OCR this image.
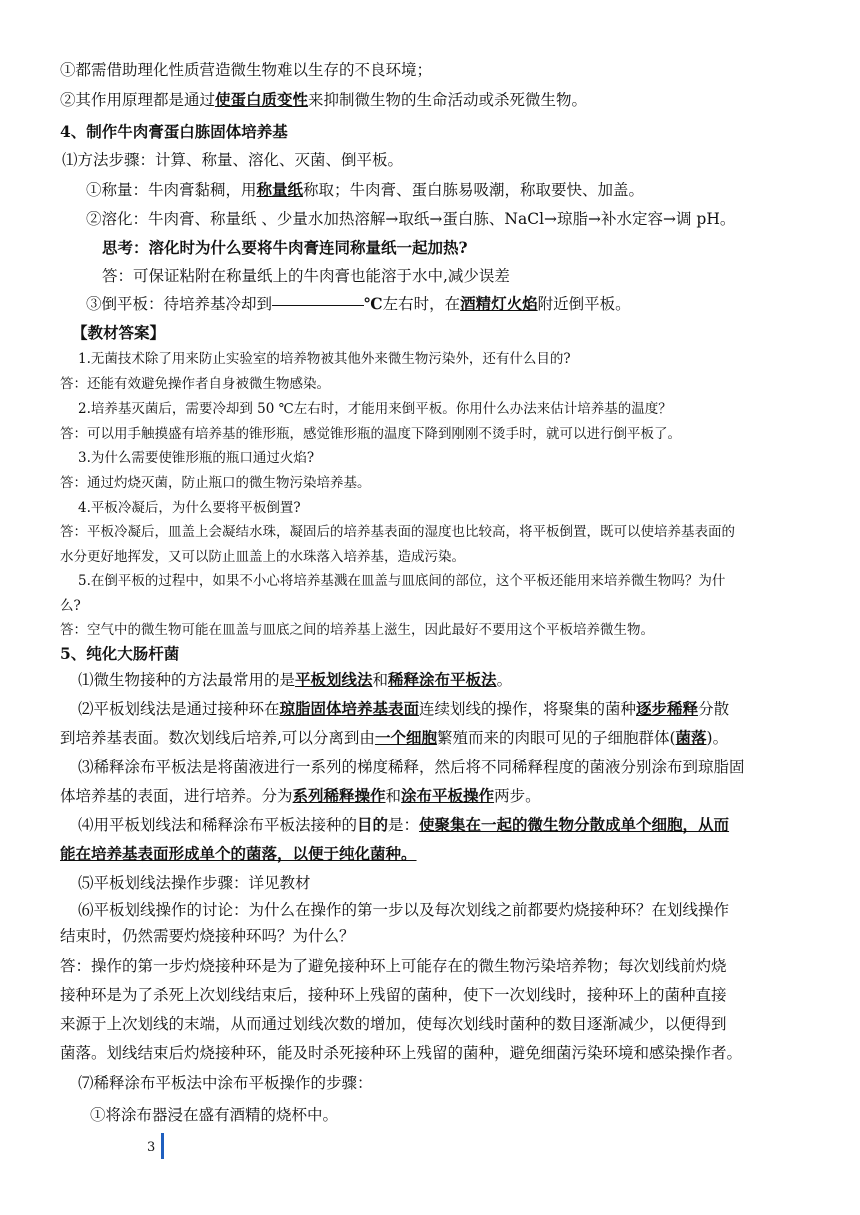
3
①都需借助理化性质营造微生物难以生存的不良环境；
②其作用原理都是通过使蛋白质变性来抑制微生物的生命活动或杀死微生物。
4、制作牛肉膏蛋白胨固体培养基
⑴方法步骤：计算、称量、溶化、灭菌、倒平板。
①称量：牛肉膏黏稠，用称量纸称取；牛肉膏、蛋白胨易吸潮，称取要快、加盖。
②溶化：牛肉膏、称量纸 、少量水加热溶解→取纸→蛋白胨、NaCl→琼脂→补水定容→调 pH。
思考：溶化时为什么要将牛肉膏连同称量纸一起加热?
答：可保证粘附在称量纸上的牛肉膏也能溶于水中,减少误差
③倒平板：待培养基冷却到	℃左右时，在酒精灯火焰附近倒平板。
【教材答案】
1.无菌技术除了用来防止实验室的培养物被其他外来微生物污染外，还有什么目的?
答：还能有效避免操作者自身被微生物感染。
2.培养基灭菌后，需要冷却到 50 ℃左右时，才能用来倒平板。你用什么办法来估计培养基的温度？
答：可以用手触摸盛有培养基的锥形瓶，感觉锥形瓶的温度下降到刚刚不烫手时，就可以进行倒平板了。
3.为什么需要使锥形瓶的瓶口通过火焰?
答：通过灼烧灭菌，防止瓶口的微生物污染培养基。
4.平板冷凝后，为什么要将平板倒置?
答：平板冷凝后，皿盖上会凝结水珠，凝固后的培养基表面的湿度也比较高，将平板倒置，既可以使培养基表面的
水分更好地挥发，又可以防止皿盖上的水珠落入培养基，造成污染。
5.在倒平板的过程中，如果不小心将培养基溅在皿盖与皿底间的部位，这个平板还能用来培养微生物吗？为什
么?
答：空气中的微生物可能在皿盖与皿底之间的培养基上滋生，因此最好不要用这个平板培养微生物。
5、纯化大肠杆菌
⑴微生物接种的方法最常用的是平板划线法和稀释涂布平板法。
⑵平板划线法是通过接种环在琼脂固体培养基表面连续划线的操作，将聚集的菌种逐步稀释分散
到培养基表面。数次划线后培养,可以分离到由一个细胞繁殖而来的肉眼可见的子细胞群体(菌落)。
⑶稀释涂布平板法是将菌液进行一系列的梯度稀释，然后将不同稀释程度的菌液分别涂布到琼脂固
体培养基的表面，进行培养。分为系列稀释操作和涂布平板操作两步。
⑷用平板划线法和稀释涂布平板法接种的目的是：使聚集在一起的微生物分散成单个细胞，从而
能在培养基表面形成单个的菌落，以便于纯化菌种。
⑸平板划线法操作步骤：详见教材
⑹平板划线操作的讨论：为什么在操作的第一步以及每次划线之前都要灼烧接种环？在划线操作
结束时，仍然需要灼烧接种环吗？为什么？
答：操作的第一步灼烧接种环是为了避免接种环上可能存在的微生物污染培养物；每次划线前灼烧
接种环是为了杀死上次划线结束后，接种环上残留的菌种，使下一次划线时，接种环上的菌种直接
来源于上次划线的末端，从而通过划线次数的增加，使每次划线时菌种的数目逐渐减少，以便得到
菌落。划线结束后灼烧接种环，能及时杀死接种环上残留的菌种，避免细菌污染环境和感染操作者。
⑺稀释涂布平板法中涂布平板操作的步骤：
①将涂布器浸在盛有酒精的烧杯中。
